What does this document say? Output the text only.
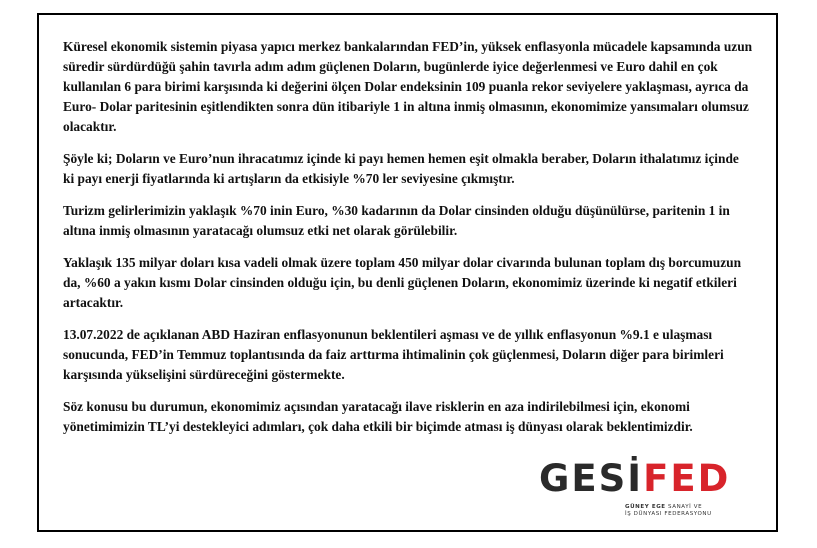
Küresel ekonomik sistemin piyasa yapıcı merkez bankalarından FED’in, yüksek enflasyonla mücadele kapsamında uzun süredir sürdürdüğü şahin tavırla adım adım güçlenen Doların, bugünlerde iyice değerlenmesi ve Euro dahil en çok kullanılan 6 para birimi karşısında ki değerini ölçen Dolar endeksinin 109 puanla rekor seviyelere yaklaşması, ayrıca da Euro- Dolar paritesinin eşitlendikten sonra dün itibariyle 1 in altına inmiş olmasının, ekonomimize yansımaları olumsuz olacaktır.

Şöyle ki; Doların ve Euro’nun ihracatımız içinde ki payı hemen hemen eşit olmakla beraber, Doların ithalatımız içinde ki payı enerji fiyatlarında ki artışların da etkisiyle %70 ler seviyesine çıkmıştır.

Turizm gelirlerimizin yaklaşık %70 inin Euro, %30 kadarının da Dolar cinsinden olduğu düşünülürse, paritenin 1 in altına inmiş olmasının yaratacağı olumsuz etki net olarak görülebilir.

Yaklaşık 135 milyar doları kısa vadeli olmak üzere toplam 450 milyar dolar civarında bulunan toplam dış borcumuzun da, %60 a yakın kısmı Dolar cinsinden olduğu için, bu denli güçlenen Doların, ekonomimiz üzerinde ki negatif etkileri artacaktır.

13.07.2022 de açıklanan ABD Haziran enflasyonunun beklentileri aşması ve de yıllık enflasyonun %9.1 e ulaşması sonucunda, FED’in Temmuz toplantısında da faiz arttırma ihtimalinin çok güçlenmesi, Doların diğer para birimleri karşısında yükselişini sürdüreceğini göstermekte.

Söz konusu bu durumun, ekonomimiz açısından yaratacağı ilave risklerin en aza indirilebilmesi için, ekonomi yönetimimizin TL’yi destekleyici adımları, çok daha etkili bir biçimde atması iş dünyası olarak beklentimizdir.

GESİFED
GÜNEY EGE SANAYİ VE
İŞ DÜNYASI FEDERASYONU
